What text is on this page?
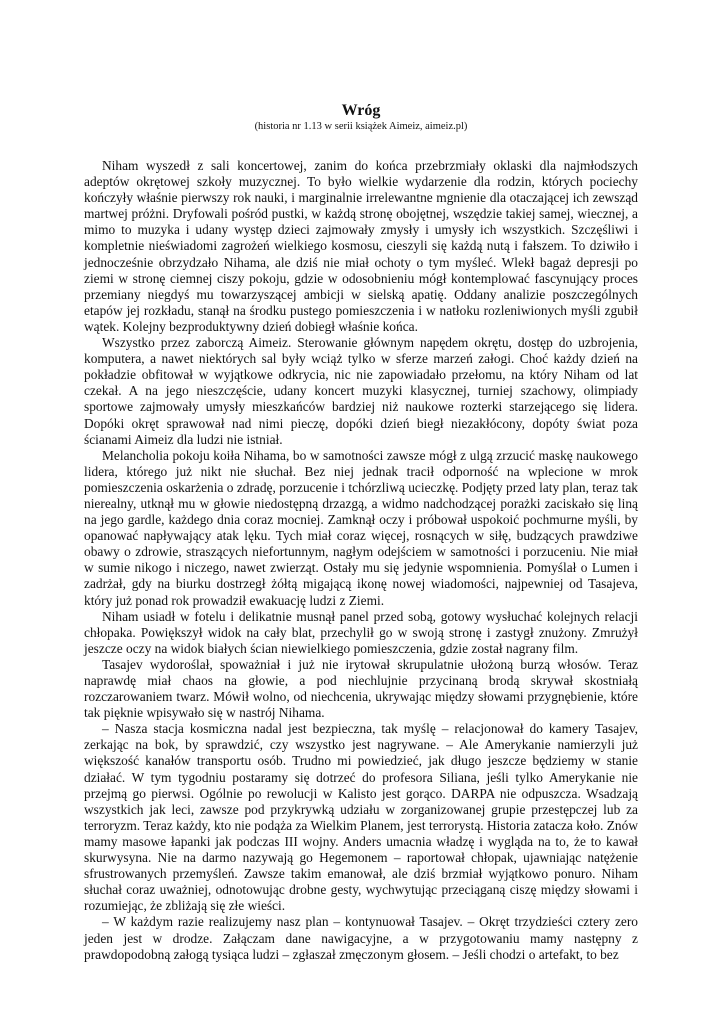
Wróg
(historia nr 1.13 w serii książek Aimeiz, aimeiz.pl)

Niham wyszedł z sali koncertowej, zanim do końca przebrzmiały oklaski dla najmłodszych adeptów okrętowej szkoły muzycznej. To było wielkie wydarzenie dla rodzin, których pociechy kończyły właśnie pierwszy rok nauki, i marginalnie irrelewantne mgnienie dla otaczającej ich zewsząd martwej próżni. Dryfowali pośród pustki, w każdą stronę obojętnej, wszędzie takiej samej, wiecznej, a mimo to muzyka i udany występ dzieci zajmowały zmysły i umysły ich wszystkich. Szczęśliwi i kompletnie nieświadomi zagrożeń wielkiego kosmosu, cieszyli się każdą nutą i fałszem. To dziwiło i jednocześnie obrzydzało Nihama, ale dziś nie miał ochoty o tym myśleć. Wlekł bagaż depresji po ziemi w stronę ciemnej ciszy pokoju, gdzie w odosobnieniu mógł kontemplować fascynujący proces przemiany niegdyś mu towarzyszącej ambicji w sielską apatię. Oddany analizie poszczególnych etapów jej rozkładu, stanął na środku pustego pomieszczenia i w natłoku rozleniwionych myśli zgubił wątek. Kolejny bezproduktywny dzień dobiegł właśnie końca.

Wszystko przez zaborczą Aimeiz. Sterowanie głównym napędem okrętu, dostęp do uzbrojenia, komputera, a nawet niektórych sal były wciąż tylko w sferze marzeń załogi. Choć każdy dzień na pokładzie obfitował w wyjątkowe odkrycia, nic nie zapowiadało przełomu, na który Niham od lat czekał. A na jego nieszczęście, udany koncert muzyki klasycznej, turniej szachowy, olimpiady sportowe zajmowały umysły mieszkańców bardziej niż naukowe rozterki starzejącego się lidera. Dopóki okręt sprawował nad nimi pieczę, dopóki dzień biegł niezakłócony, dopóty świat poza ścianami Aimeiz dla ludzi nie istniał.

Melancholia pokoju koiła Nihama, bo w samotności zawsze mógł z ulgą zrzucić maskę naukowego lidera, którego już nikt nie słuchał. Bez niej jednak tracił odporność na wplecione w mrok pomieszczenia oskarżenia o zdradę, porzucenie i tchórzliwą ucieczkę. Podjęty przed laty plan, teraz tak nierealny, utknął mu w głowie niedostępną drzazgą, a widmo nadchodzącej porażki zaciskało się liną na jego gardle, każdego dnia coraz mocniej. Zamknął oczy i próbował uspokoić pochmurne myśli, by opanować napływający atak lęku. Tych miał coraz więcej, rosnących w siłę, budzących prawdziwe obawy o zdrowie, straszących niefortunnym, nagłym odejściem w samotności i porzuceniu. Nie miał w sumie nikogo i niczego, nawet zwierząt. Ostały mu się jedynie wspomnienia. Pomyślał o Lumen i zadrżał, gdy na biurku dostrzegł żółtą migającą ikonę nowej wiadomości, najpewniej od Tasajeva, który już ponad rok prowadził ewakuację ludzi z Ziemi.

Niham usiadł w fotelu i delikatnie musnął panel przed sobą, gotowy wysłuchać kolejnych relacji chłopaka. Powiększył widok na cały blat, przechylił go w swoją stronę i zastygł znużony. Zmrużył jeszcze oczy na widok białych ścian niewielkiego pomieszczenia, gdzie został nagrany film.

Tasajev wydoroślał, spoważniał i już nie irytował skrupulatnie ułożoną burzą włosów. Teraz naprawdę miał chaos na głowie, a pod niechlujnie przycinaną brodą skrywał skostniałą rozczarowaniem twarz. Mówił wolno, od niechcenia, ukrywając między słowami przygnębienie, które tak pięknie wpisywało się w nastrój Nihama.

– Nasza stacja kosmiczna nadal jest bezpieczna, tak myślę – relacjonował do kamery Tasajev, zerkając na bok, by sprawdzić, czy wszystko jest nagrywane. – Ale Amerykanie namierzyli już większość kanałów transportu osób. Trudno mi powiedzieć, jak długo jeszcze będziemy w stanie działać. W tym tygodniu postaramy się dotrzeć do profesora Siliana, jeśli tylko Amerykanie nie przejmą go pierwsi. Ogólnie po rewolucji w Kalisto jest gorąco. DARPA nie odpuszcza. Wsadzają wszystkich jak leci, zawsze pod przykrywką udziału w zorganizowanej grupie przestępczej lub za terroryzm. Teraz każdy, kto nie podąża za Wielkim Planem, jest terrorystą. Historia zatacza koło. Znów mamy masowe łapanki jak podczas III wojny. Anders umacnia władzę i wygląda na to, że to kawał skurwysyna. Nie na darmo nazywają go Hegemonem – raportował chłopak, ujawniając natężenie sfrustrowanych przemyśleń. Zawsze takim emanował, ale dziś brzmiał wyjątkowo ponuro. Niham słuchał coraz uważniej, odnotowując drobne gesty, wychwytując przeciąganą ciszę między słowami i rozumiejąc, że zbliżają się złe wieści.

– W każdym razie realizujemy nasz plan – kontynuował Tasajev. – Okręt trzydzieści cztery zero jeden jest w drodze. Załączam dane nawigacyjne, a w przygotowaniu mamy następny z prawdopodobną załogą tysiąca ludzi – zgłaszał zmęczonym głosem. – Jeśli chodzi o artefakt, to bez
